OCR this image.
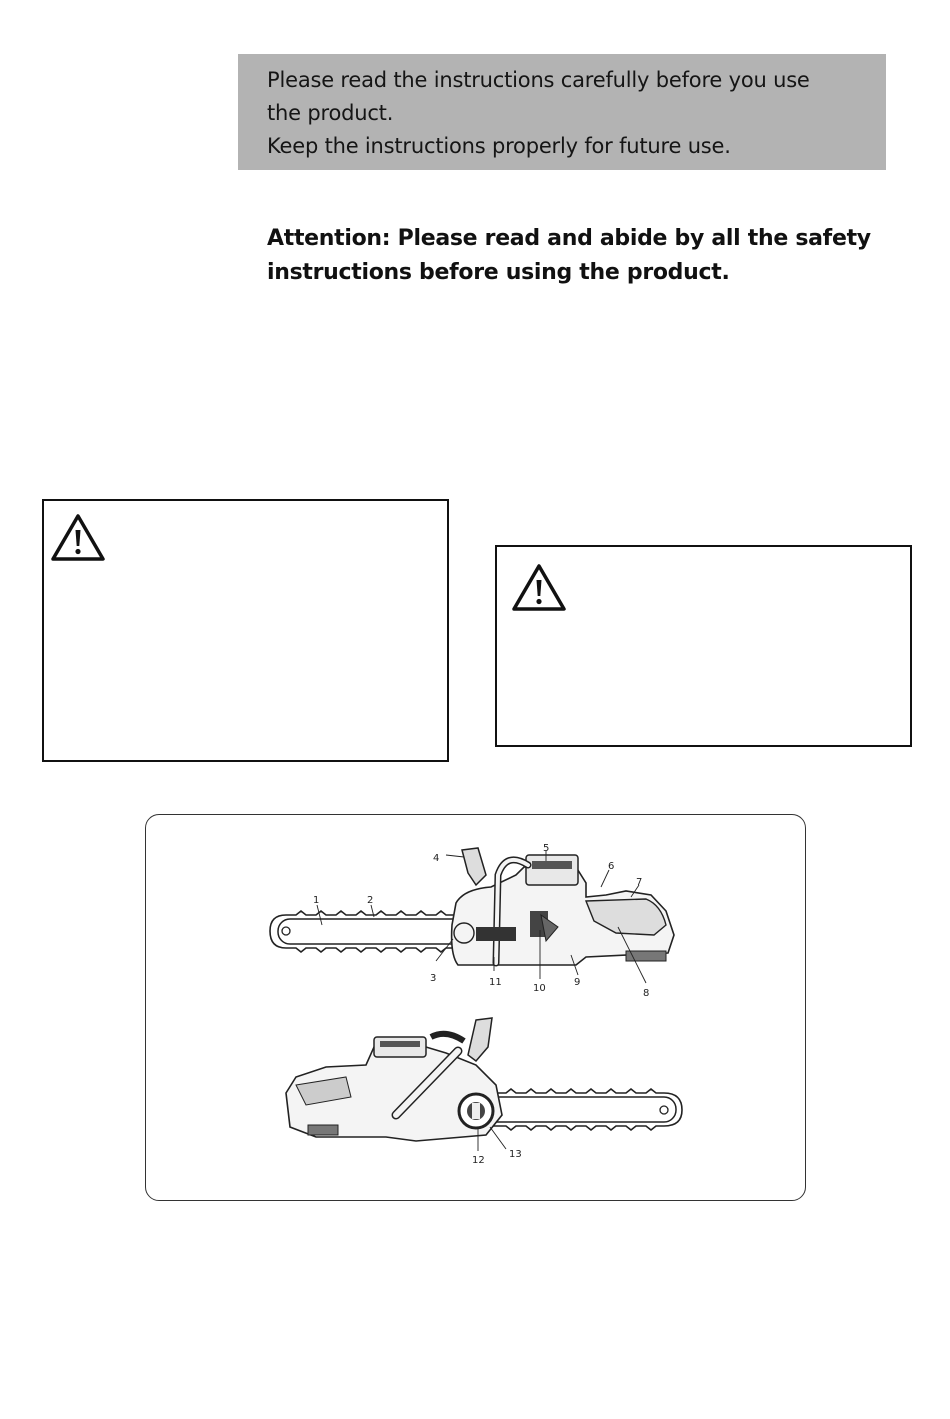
Please read the instructions carefully before you use
the product.
Keep the instructions properly for future use.
Attention: Please read and abide by all the safety
instructions before using the product.
1	2
3
4
5
6
7
8
9
10
11
12
13
